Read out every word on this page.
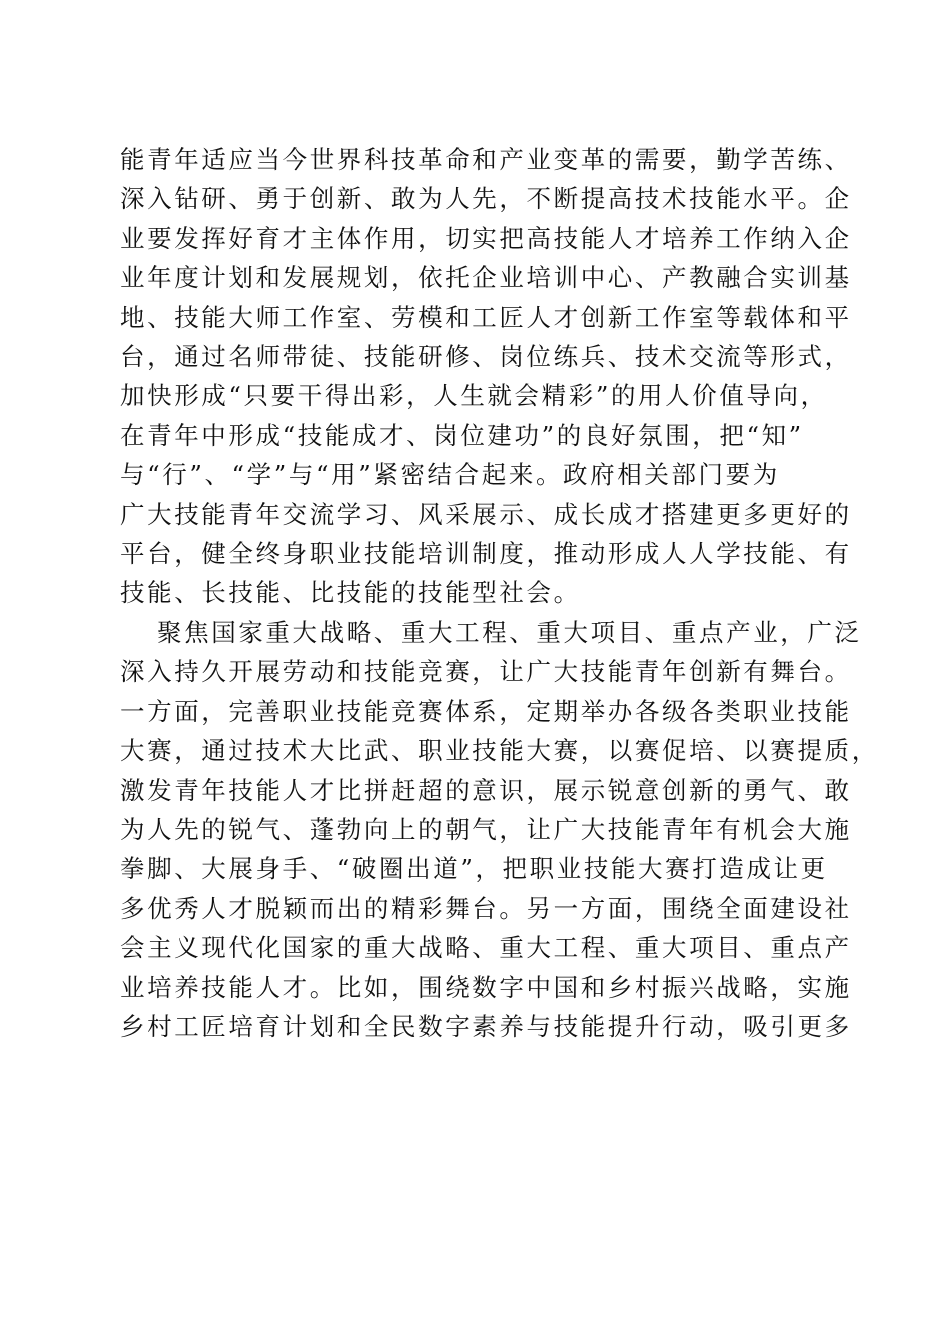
能青年适应当今世界科技革命和产业变革的需要，勤学苦练、
深入钻研、勇于创新、敢为人先，不断提高技术技能水平。企
业要发挥好育才主体作用，切实把高技能人才培养工作纳入企
业年度计划和发展规划，依托企业培训中心、产教融合实训基
地、技能大师工作室、劳模和工匠人才创新工作室等载体和平
台，通过名师带徒、技能研修、岗位练兵、技术交流等形式，
加快形成“只要干得出彩，人生就会精彩”的用人价值导向，
在青年中形成“技能成才、岗位建功”的良好氛围，把“知”
与“行”、“学”与“用”紧密结合起来。政府相关部门要为
广大技能青年交流学习、风采展示、成长成才搭建更多更好的
平台，健全终身职业技能培训制度，推动形成人人学技能、有
技能、长技能、比技能的技能型社会。
聚焦国家重大战略、重大工程、重大项目、重点产业，广泛
深入持久开展劳动和技能竞赛，让广大技能青年创新有舞台。
一方面，完善职业技能竞赛体系，定期举办各级各类职业技能
大赛，通过技术大比武、职业技能大赛，以赛促培、以赛提质，
激发青年技能人才比拼赶超的意识，展示锐意创新的勇气、敢
为人先的锐气、蓬勃向上的朝气，让广大技能青年有机会大施
拳脚、大展身手、“破圈出道”，把职业技能大赛打造成让更
多优秀人才脱颖而出的精彩舞台。另一方面，围绕全面建设社
会主义现代化国家的重大战略、重大工程、重大项目、重点产
业培养技能人才。比如，围绕数字中国和乡村振兴战略，实施
乡村工匠培育计划和全民数字素养与技能提升行动，吸引更多
